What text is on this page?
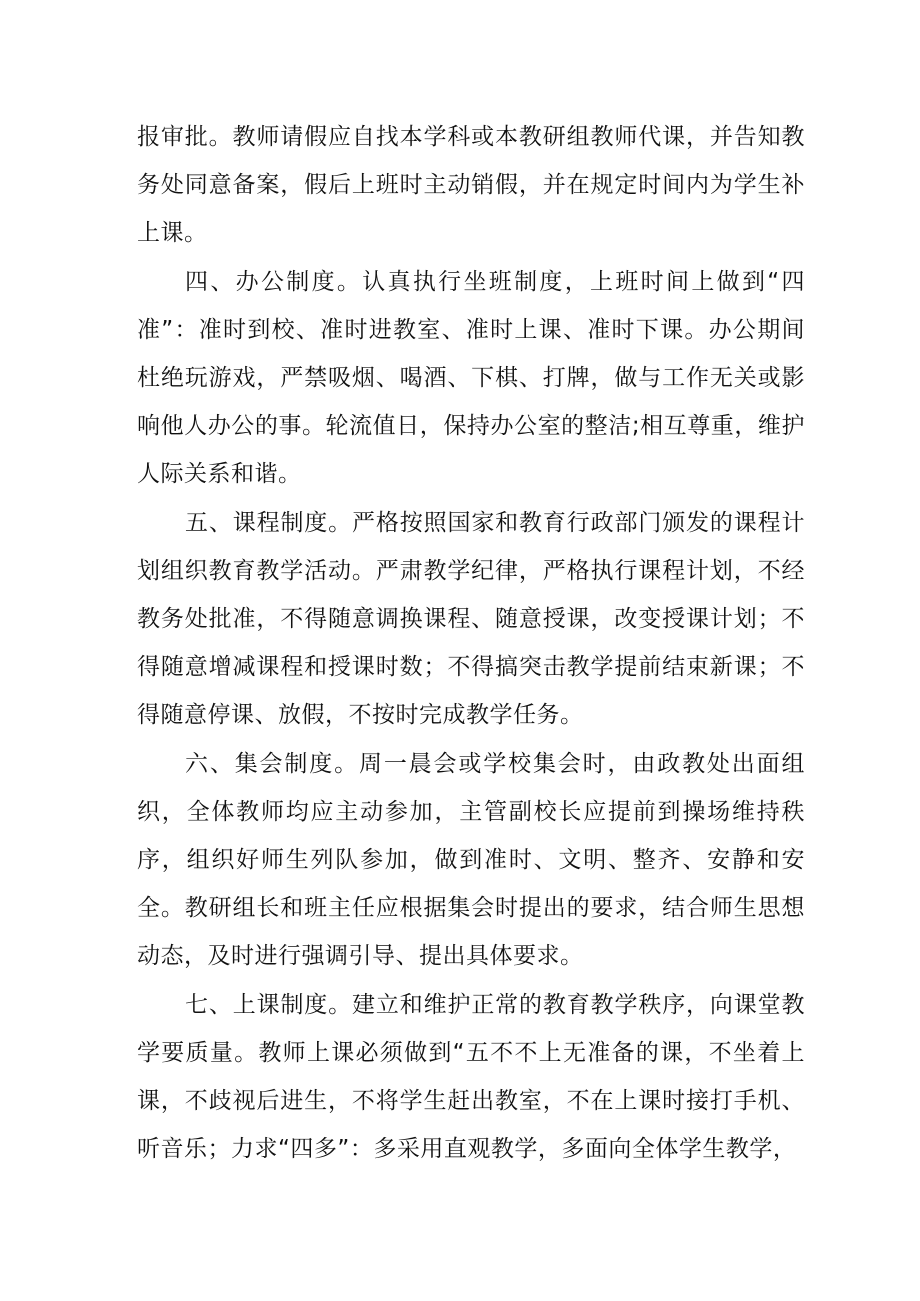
报审批。教师请假应自找本学科或本教研组教师代课，并告知教务处同意备案，假后上班时主动销假，并在规定时间内为学生补上课。

四、办公制度。认真执行坐班制度，上班时间上做到“四准”：准时到校、准时进教室、准时上课、准时下课。办公期间杜绝玩游戏，严禁吸烟、喝酒、下棋、打牌，做与工作无关或影响他人办公的事。轮流值日，保持办公室的整洁;相互尊重，维护人际关系和谐。

五、课程制度。严格按照国家和教育行政部门颁发的课程计划组织教育教学活动。严肃教学纪律，严格执行课程计划，不经教务处批准，不得随意调换课程、随意授课，改变授课计划；不得随意增减课程和授课时数；不得搞突击教学提前结束新课；不得随意停课、放假，不按时完成教学任务。

六、集会制度。周一晨会或学校集会时，由政教处出面组织，全体教师均应主动参加，主管副校长应提前到操场维持秩序，组织好师生列队参加，做到准时、文明、整齐、安静和安全。教研组长和班主任应根据集会时提出的要求，结合师生思想动态，及时进行强调引导、提出具体要求。

七、上课制度。建立和维护正常的教育教学秩序，向课堂教学要质量。教师上课必须做到“五不不上无准备的课，不坐着上课，不歧视后进生，不将学生赶出教室，不在上课时接打手机、听音乐；力求“四多”：多采用直观教学，多面向全体学生教学，
